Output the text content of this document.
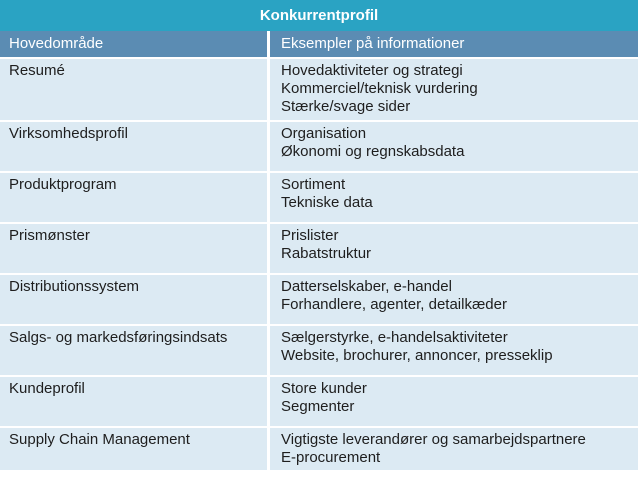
Konkurrentprofil
Hovedområde	Eksempler på informationer
Resumé	Hovedaktiviteter og strategi
Kommerciel/teknisk vurdering
Stærke/svage sider
Virksomhedsprofil	Organisation
Økonomi og regnskabsdata
Produktprogram	Sortiment
Tekniske data
Prismønster	Prislister
Rabatstruktur
Distributionssystem	Datterselskaber, e-handel
Forhandlere, agenter, detailkæder
Salgs- og markedsføringsindsats	Sælgerstyrke, e-handelsaktiviteter
Website, brochurer, annoncer, presseklip
Kundeprofil	Store kunder
Segmenter
Supply Chain Management	Vigtigste leverandører og samarbejdspartnere
E-procurement
